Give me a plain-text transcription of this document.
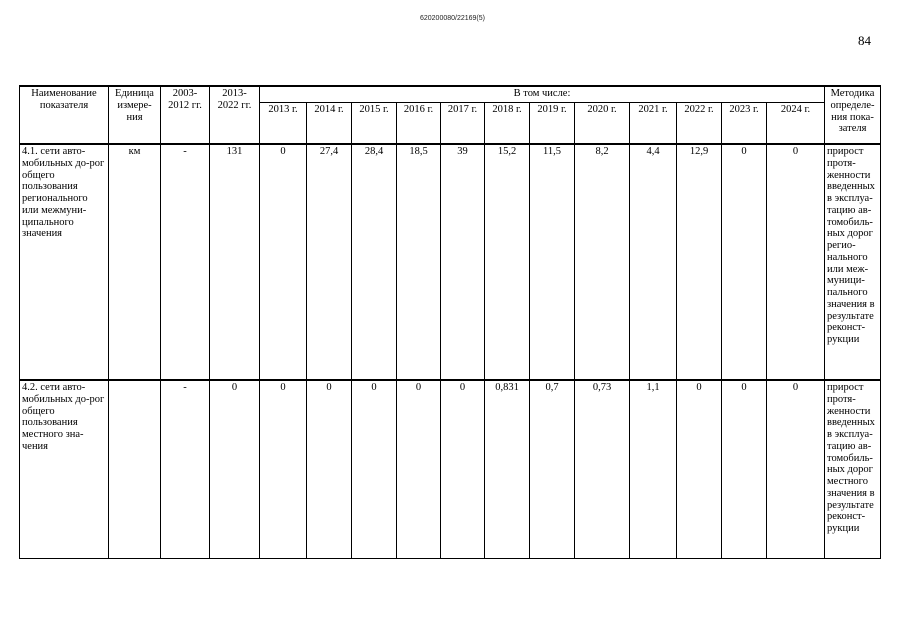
620200080/22169(5)
84
Наименование показателя	Единица измере-ния	2003-2012 гг.	2013-2022 гг.	В том числе:												Методика определе-ния пока-зателя
				2013 г.	2014 г.	2015 г.	2016 г.	2017 г.	2018 г.	2019 г.	2020 г.	2021 г.	2022 г.	2023 г.	2024 г.	
4.1. сети авто-мобильных до-рог общего пользования регионального или межмуни-ципального значения	км	-	131	0	27,4	28,4	18,5	39	15,2	11,5	8,2	4,4	12,9	0	0	прирост протя-женности введенных в эксплуа-тацию ав-томобиль-ных дорог регио-нального или меж-муници-пального значения в результате реконст-рукции
4.2. сети авто-мобильных до-рог общего пользования местного зна-чения		-	0	0	0	0	0	0	0,831	0,7	0,73	1,1	0	0	0	прирост протя-женности введенных в эксплуа-тацию ав-томобиль-ных дорог местного значения в результате реконст-рукции
